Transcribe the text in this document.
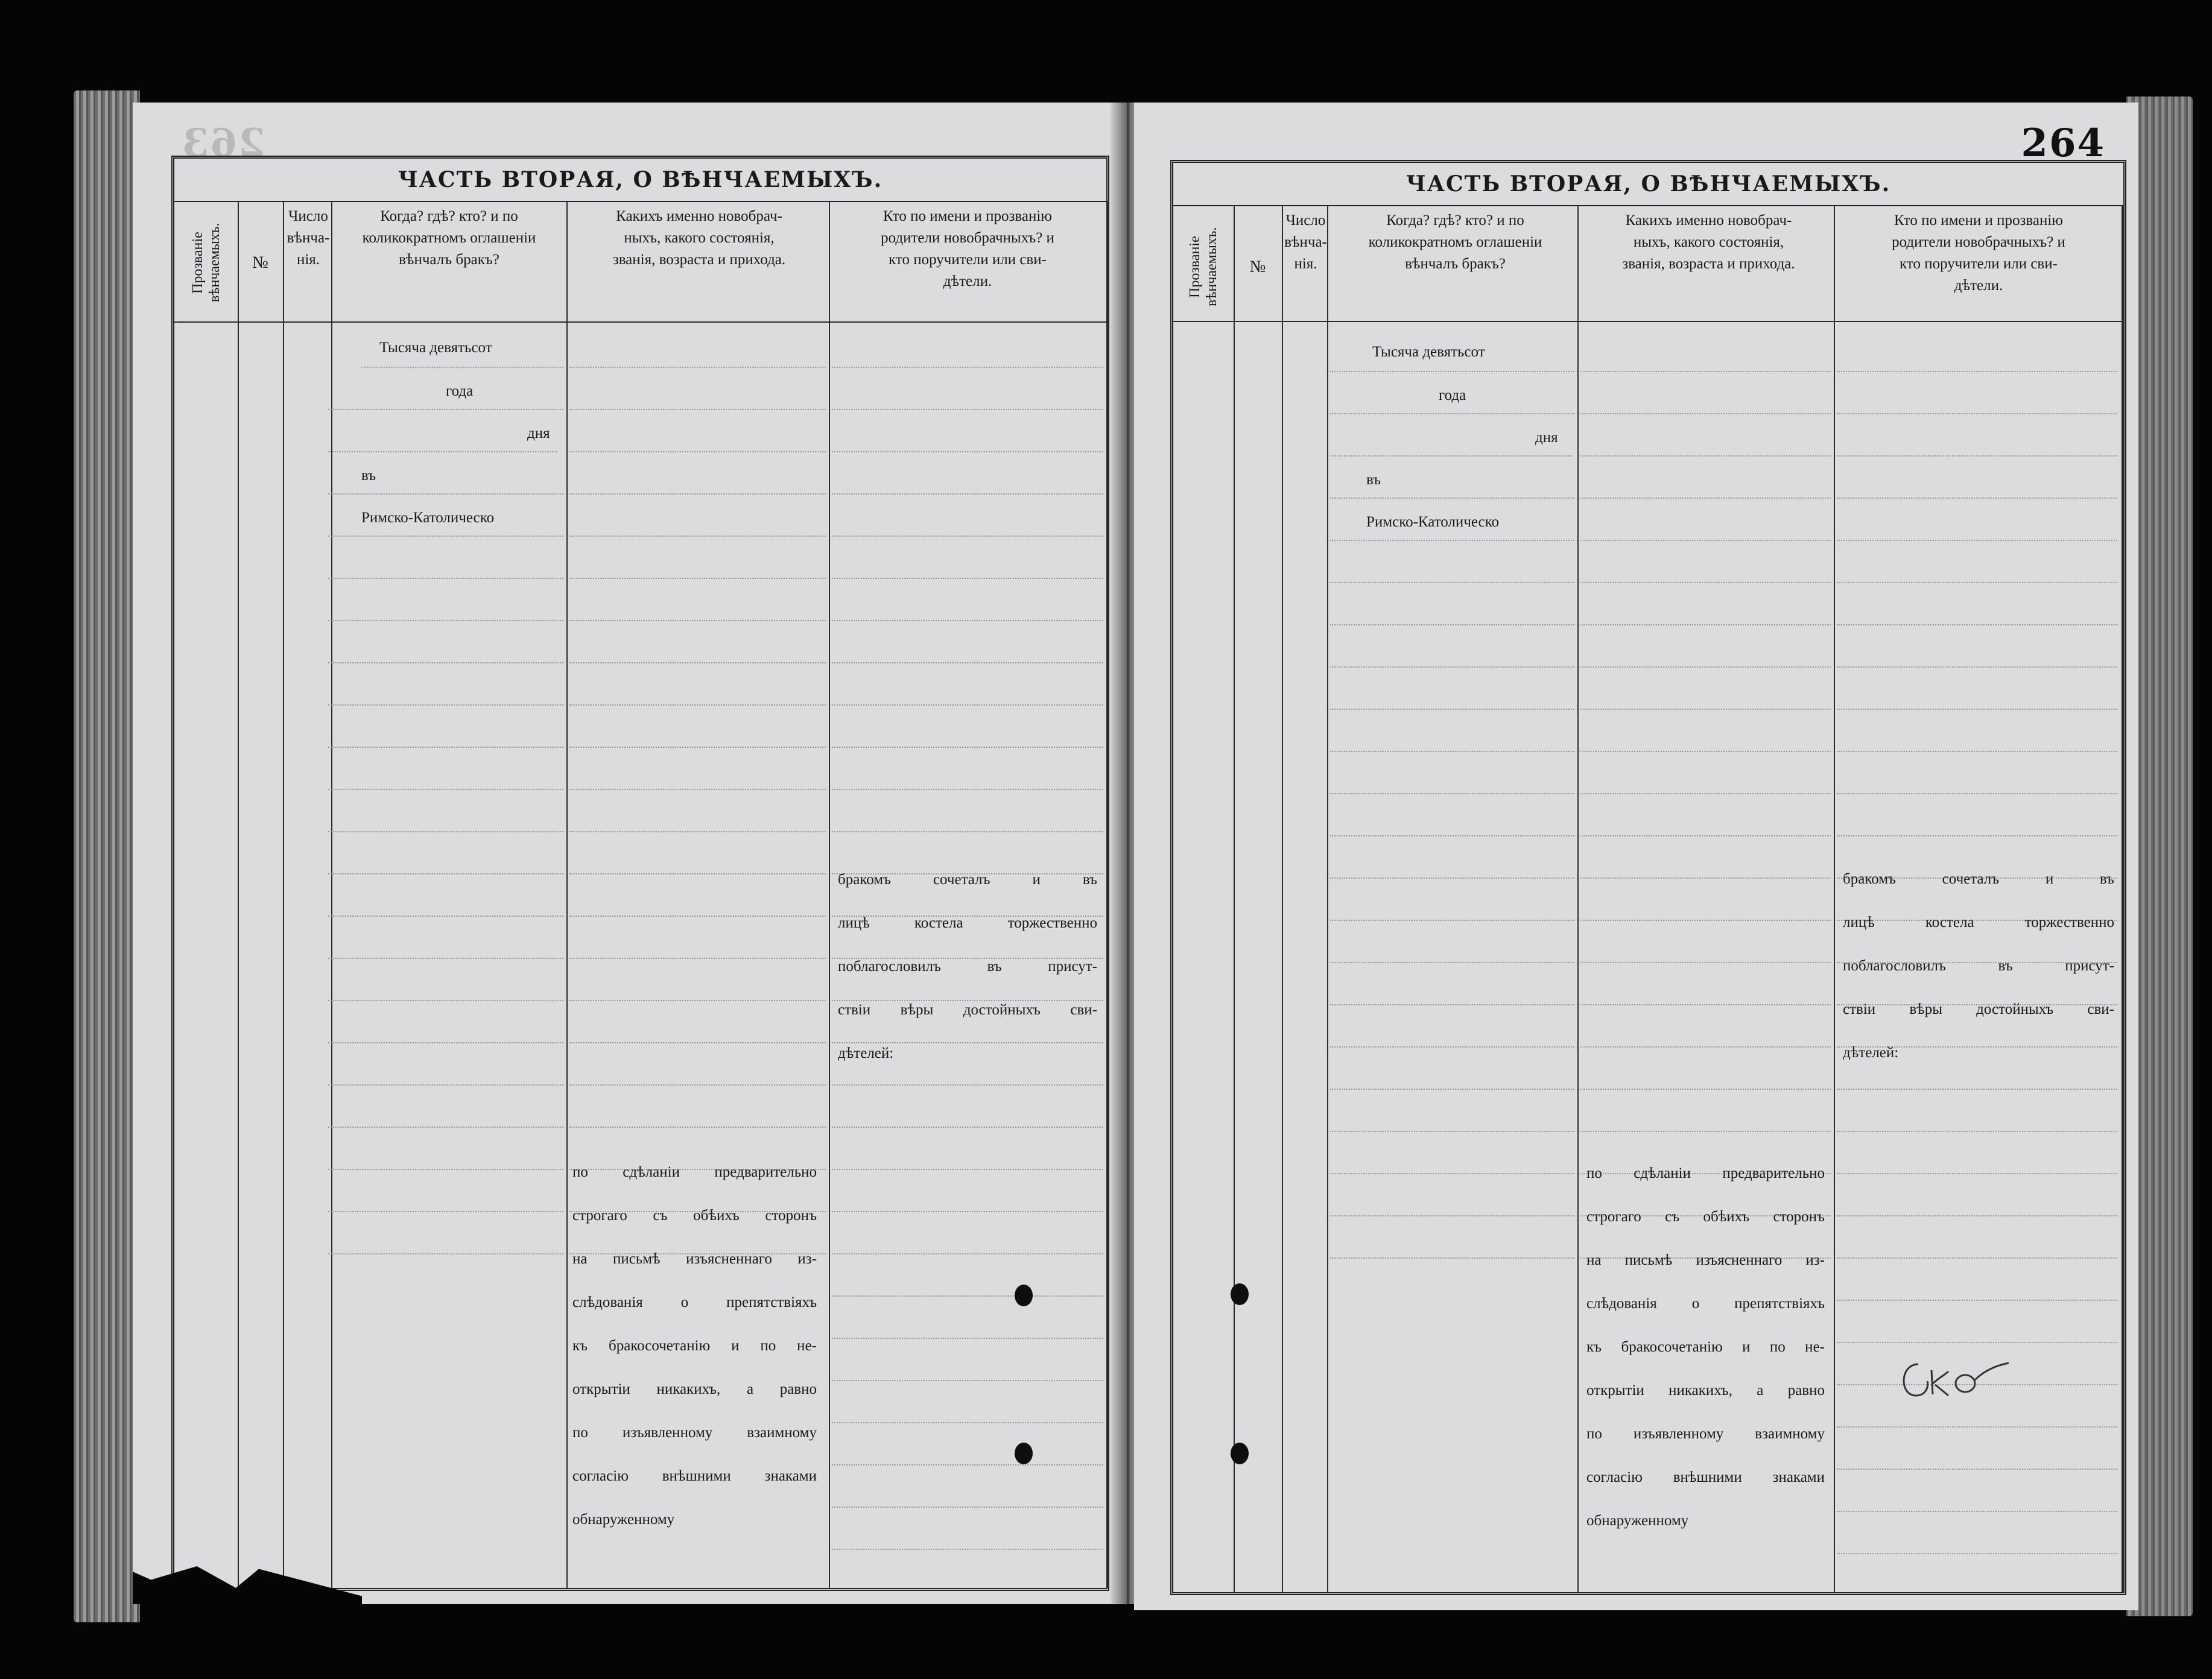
263
ЧАСТЬ ВТОРАЯ, О ВѢНЧАЕМЫХЪ.
Прозваніе вѣнчаемыхъ. №
Число
вѣнча-
нія.
Когда? гдѣ? кто? и по
коликократномъ оглашеніи
вѣнчалъ бракъ?
Какихъ именно новобрач-
ныхъ, какого состоянія,
званія, возраста и прихода.
Кто по имени и прозванію
родители новобрачныхъ? и
кто поручители или сви-
дѣтели.
Тысяча девятьсот
года
дня
въ
Римско-Католическо
бракомъ сочеталъ и въ
лицѣ костела торжественно
поблагословилъ въ присут-
ствіи вѣры достойныхъ сви-
дѣтелей:
по сдѣланіи предварительно
строгаго съ обѣихъ сторонъ
на письмѣ изъясненнаго из-
слѣдованія о препятствіяхъ
къ бракосочетанію и по не-
открытіи никакихъ, а равно
по изъявленному взаимному
согласію внѣшними знаками
обнаруженному
264
ЧАСТЬ ВТОРАЯ, О ВѢНЧАЕМЫХЪ.
Прозваніе вѣнчаемыхъ. №
Число
вѣнча-
нія.
Когда? гдѣ? кто? и по
коликократномъ оглашеніи
вѣнчалъ бракъ?
Какихъ именно новобрач-
ныхъ, какого состоянія,
званія, возраста и прихода.
Кто по имени и прозванію
родители новобрачныхъ? и
кто поручители или сви-
дѣтели.
Тысяча девятьсот
года
дня
въ
Римско-Католическо
бракомъ сочеталъ и въ
лицѣ костела торжественно
поблагословилъ въ присут-
ствіи вѣры достойныхъ сви-
дѣтелей:
по сдѣланіи предварительно
строгаго съ обѣихъ сторонъ
на письмѣ изъясненнаго из-
слѣдованія о препятствіяхъ
къ бракосочетанію и по не-
открытіи никакихъ, а равно
по изъявленному взаимному
согласію внѣшними знаками
обнаруженному
